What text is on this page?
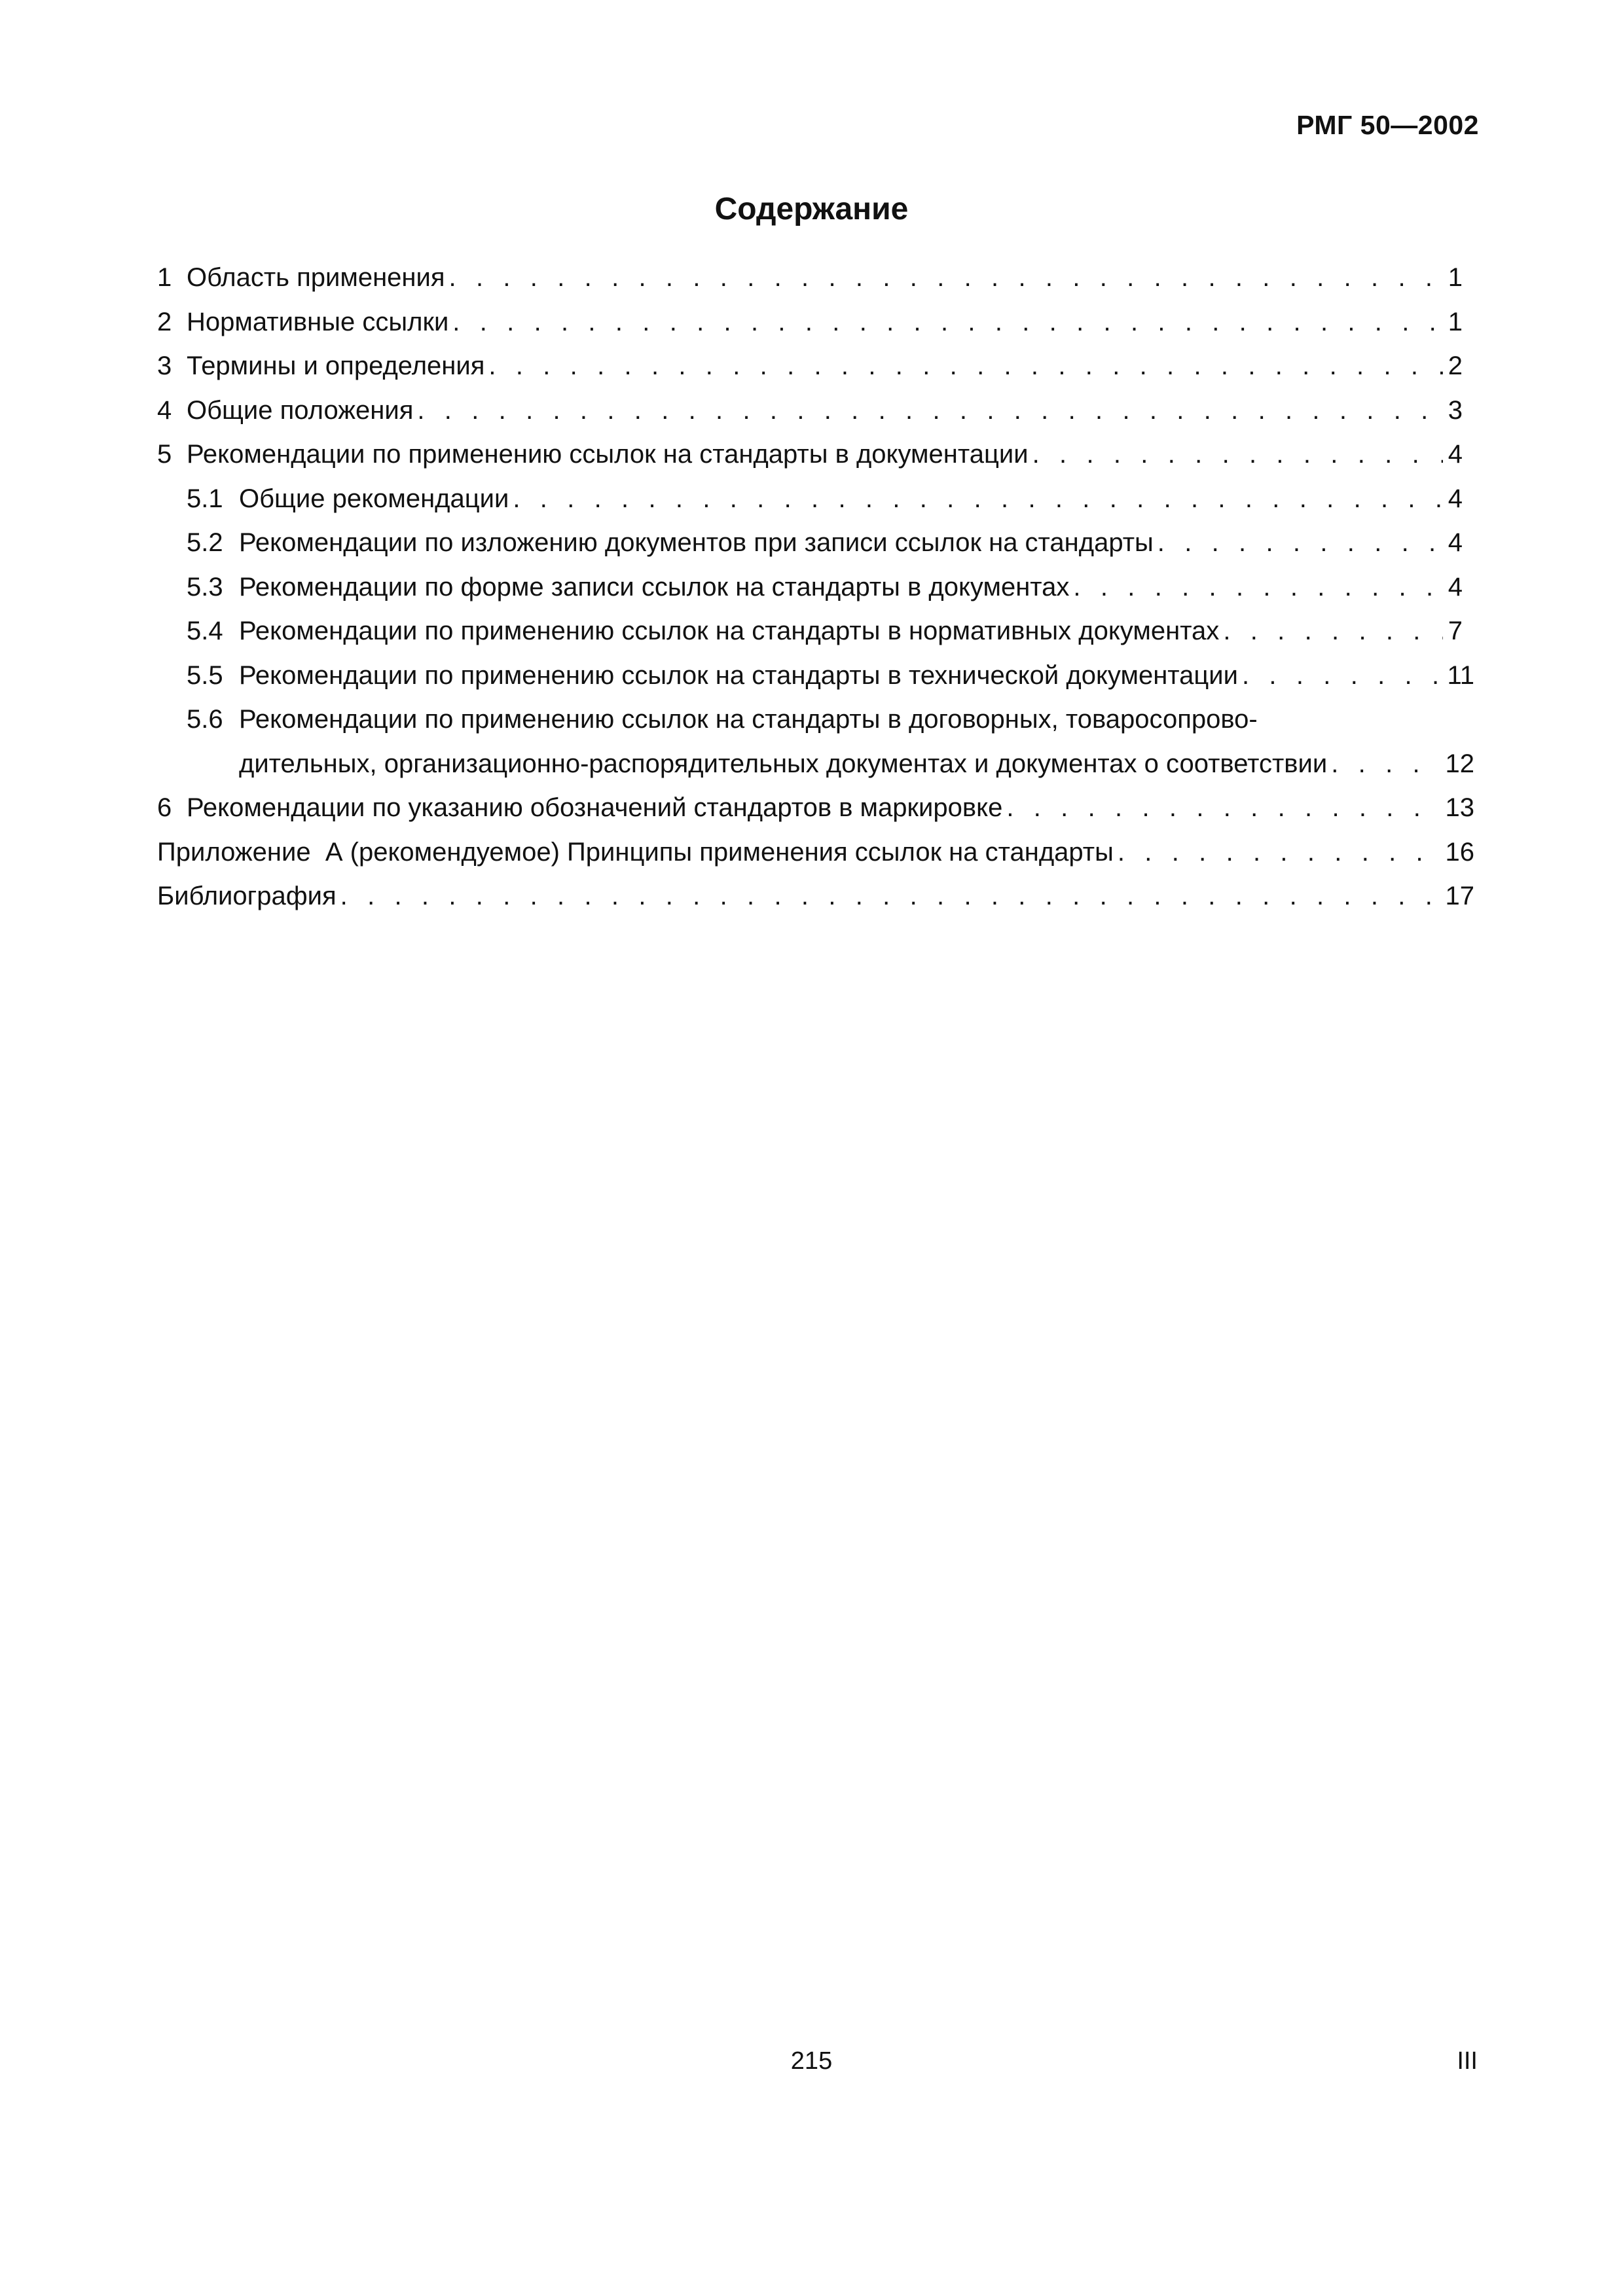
РМГ 50—2002
Содержание
1 Область применения . . .	1
2 Нормативные ссылки . . .	1
3 Термины и определения . . .	2
4 Общие положения . . .	3
5 Рекомендации по применению ссылок на стандарты в документации . . .	4
5.1 Общие рекомендации . . .	4
5.2 Рекомендации по изложению документов при записи ссылок на стандарты . . .	4
5.3 Рекомендации по форме записи ссылок на стандарты в документах . . .	4
5.4 Рекомендации по применению ссылок на стандарты в нормативных документах . . .	7
5.5 Рекомендации по применению ссылок на стандарты в технической документации . . .	11
5.6 Рекомендации по применению ссылок на стандарты в договорных, товаросопрово-
дительных, организационно-распорядительных документах и документах о соответствии . . .	12
6 Рекомендации по указанию обозначений стандартов в маркировке . . .	13
Приложение  А (рекомендуемое) Принципы применения ссылок на стандарты . . .	16
Библиография . . .	17
215	III
